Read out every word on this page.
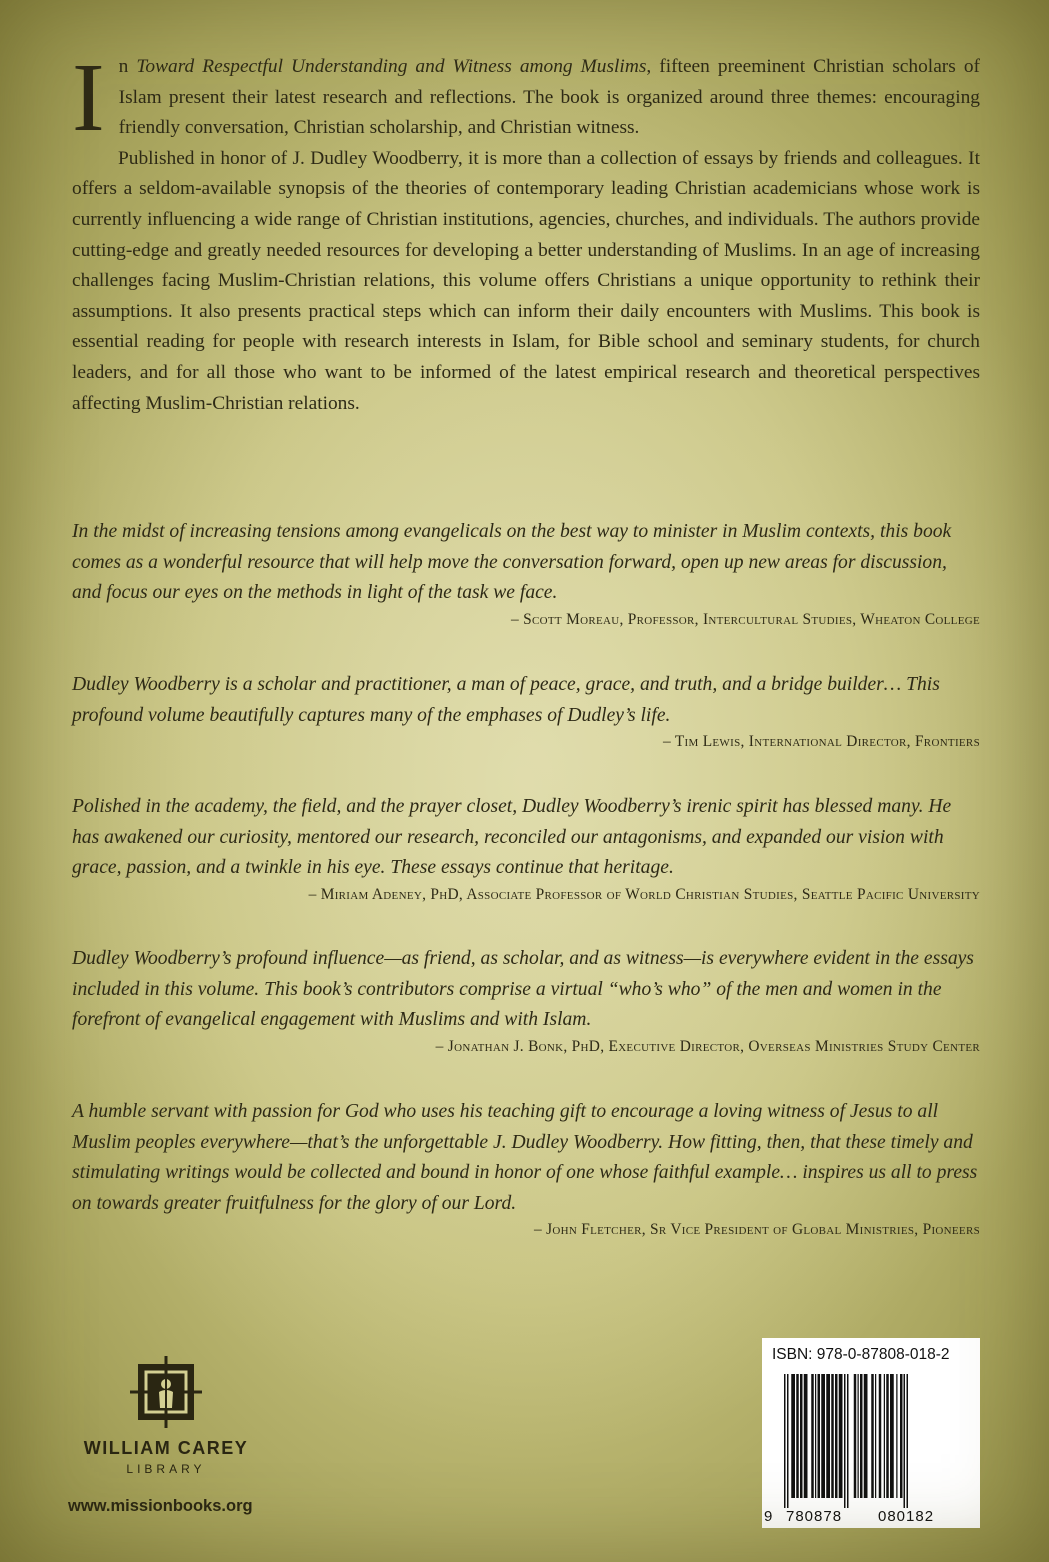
In Toward Respectful Understanding and Witness among Muslims, fifteen preeminent Christian scholars of Islam present their latest research and reflections. The book is organized around three themes: encouraging friendly conversation, Christian scholarship, and Christian witness.

Published in honor of J. Dudley Woodberry, it is more than a collection of essays by friends and colleagues. It offers a seldom-available synopsis of the theories of contemporary leading Christian academicians whose work is currently influencing a wide range of Christian institutions, agencies, churches, and individuals. The authors provide cutting-edge and greatly needed resources for developing a better understanding of Muslims. In an age of increasing challenges facing Muslim-Christian relations, this volume offers Christians a unique opportunity to rethink their assumptions. It also presents practical steps which can inform their daily encounters with Muslims. This book is essential reading for people with research interests in Islam, for Bible school and seminary students, for church leaders, and for all those who want to be informed of the latest empirical research and theoretical perspectives affecting Muslim-Christian relations.

In the midst of increasing tensions among evangelicals on the best way to minister in Muslim contexts, this book comes as a wonderful resource that will help move the conversation forward, open up new areas for discussion, and focus our eyes on the methods in light of the task we face.

– Scott Moreau, Professor, Intercultural Studies, Wheaton College

Dudley Woodberry is a scholar and practitioner, a man of peace, grace, and truth, and a bridge builder… This profound volume beautifully captures many of the emphases of Dudley’s life.

– Tim Lewis, International Director, Frontiers

Polished in the academy, the field, and the prayer closet, Dudley Woodberry’s irenic spirit has blessed many. He has awakened our curiosity, mentored our research, reconciled our antagonisms, and expanded our vision with grace, passion, and a twinkle in his eye. These essays continue that heritage.

– Miriam Adeney, PhD, Associate Professor of World Christian Studies, Seattle Pacific University

Dudley Woodberry’s profound influence—as friend, as scholar, and as witness—is everywhere evident in the essays included in this volume. This book’s contributors comprise a virtual “who’s who” of the men and women in the forefront of evangelical engagement with Muslims and with Islam.

– Jonathan J. Bonk, PhD, Executive Director, Overseas Ministries Study Center

A humble servant with passion for God who uses his teaching gift to encourage a loving witness of Jesus to all Muslim peoples everywhere—that’s the unforgettable J. Dudley Woodberry. How fitting, then, that these timely and stimulating writings would be collected and bound in honor of one whose faithful example… inspires us all to press on towards greater fruitfulness for the glory of our Lord.

– John Fletcher, Sr Vice President of Global Ministries, Pioneers

WILLIAM CAREY
LIBRARY
www.missionbooks.org
ISBN: 978-0-87808-018-2
9 780878 080182
